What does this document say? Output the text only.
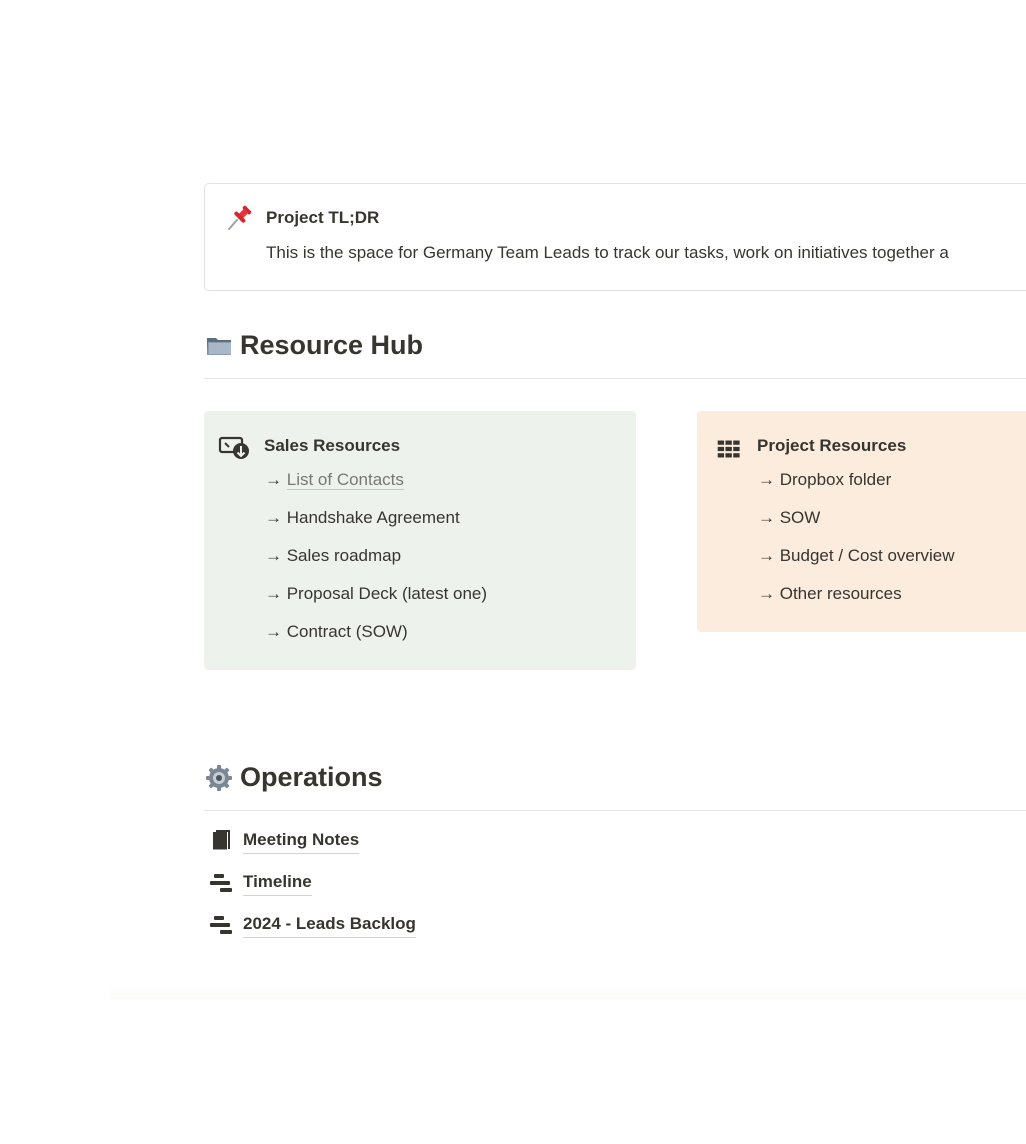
Project TL;DR
This is the space for Germany Team Leads to track our tasks, work on initiatives together a
Resource Hub
Sales Resources
→ List of Contacts
→ Handshake Agreement
→ Sales roadmap
→ Proposal Deck (latest one)
→ Contract (SOW)
Project Resources
→ Dropbox folder
→ SOW
→ Budget / Cost overview
→ Other resources
Operations
Meeting Notes
Timeline
2024 - Leads Backlog
